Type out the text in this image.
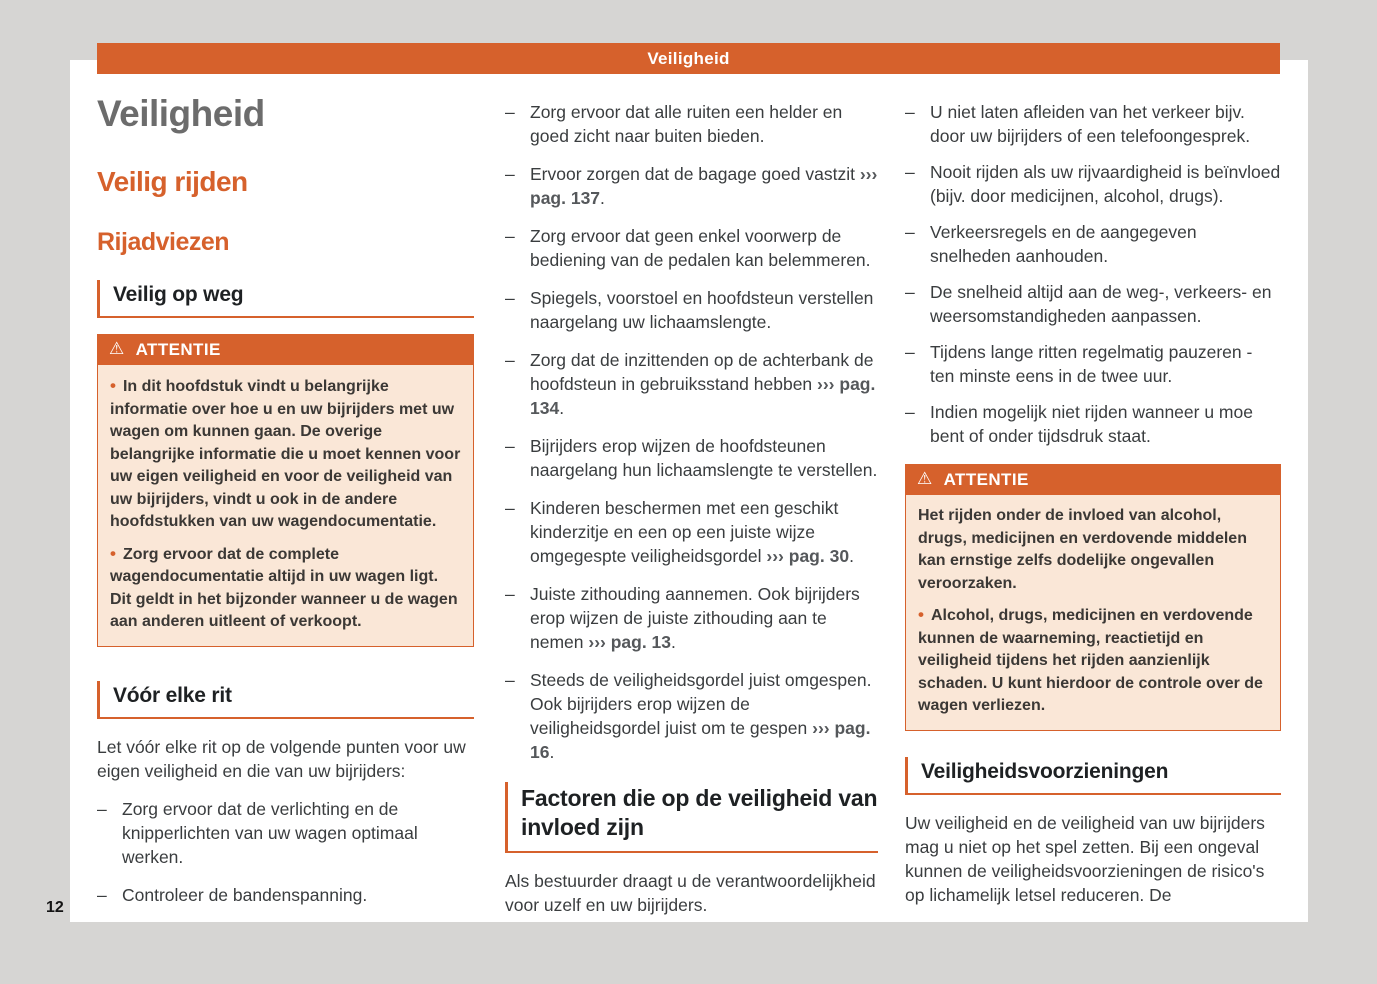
Veiligheid
12
Veiligheid
Veilig rijden
Rijadviezen
Veilig op weg
⚠ ATTENTIE

• In dit hoofdstuk vindt u belangrijke informatie over hoe u en uw bijrijders met uw wagen om kunnen gaan. De overige belangrijke informatie die u moet kennen voor uw eigen veiligheid en voor de veiligheid van uw bijrijders, vindt u ook in de andere hoofdstukken van uw wagendocumentatie.

• Zorg ervoor dat de complete wagendocumentatie altijd in uw wagen ligt. Dit geldt in het bijzonder wanneer u de wagen aan anderen uitleent of verkoopt.

Vóór elke rit

Let vóór elke rit op de volgende punten voor uw eigen veiligheid en die van uw bijrijders:

– Zorg ervoor dat de verlichting en de knipperlichten van uw wagen optimaal werken.
– Controleer de bandenspanning.
– Zorg ervoor dat alle ruiten een helder en goed zicht naar buiten bieden.
– Ervoor zorgen dat de bagage goed vastzit ››› pag. 137.
– Zorg ervoor dat geen enkel voorwerp de bediening van de pedalen kan belemmeren.
– Spiegels, voorstoel en hoofdsteun verstellen naargelang uw lichaamslengte.
– Zorg dat de inzittenden op de achterbank de hoofdsteun in gebruiksstand hebben ››› pag. 134.
– Bijrijders erop wijzen de hoofdsteunen naargelang hun lichaamslengte te verstellen.
– Kinderen beschermen met een geschikt kinderzitje en een op een juiste wijze omgegespte veiligheidsgordel ››› pag. 30.
– Juiste zithouding aannemen. Ook bijrijders erop wijzen de juiste zithouding aan te nemen ››› pag. 13.
– Steeds de veiligheidsgordel juist omgespen. Ook bijrijders erop wijzen de veiligheidsgordel juist om te gespen ››› pag. 16.
Factoren die op de veiligheid van invloed zijn

Als bestuurder draagt u de verantwoordelijkheid voor uzelf en uw bijrijders.

– U niet laten afleiden van het verkeer bijv. door uw bijrijders of een telefoongesprek.
– Nooit rijden als uw rijvaardigheid is beïnvloed (bijv. door medicijnen, alcohol, drugs).
– Verkeersregels en de aangegeven snelheden aanhouden.
– De snelheid altijd aan de weg-, verkeers- en weersomstandigheden aanpassen.
– Tijdens lange ritten regelmatig pauzeren - ten minste eens in de twee uur.
– Indien mogelijk niet rijden wanneer u moe bent of onder tijdsdruk staat.
⚠ ATTENTIE

Het rijden onder de invloed van alcohol, drugs, medicijnen en verdovende middelen kan ernstige zelfs dodelijke ongevallen veroorzaken.

• Alcohol, drugs, medicijnen en verdovende kunnen de waarneming, reactietijd en veiligheid tijdens het rijden aanzienlijk schaden. U kunt hierdoor de controle over de wagen verliezen.

Veiligheidsvoorzieningen

Uw veiligheid en de veiligheid van uw bijrijders mag u niet op het spel zetten. Bij een ongeval kunnen de veiligheidsvoorzieningen de risico's op lichamelijk letsel reduceren. De
